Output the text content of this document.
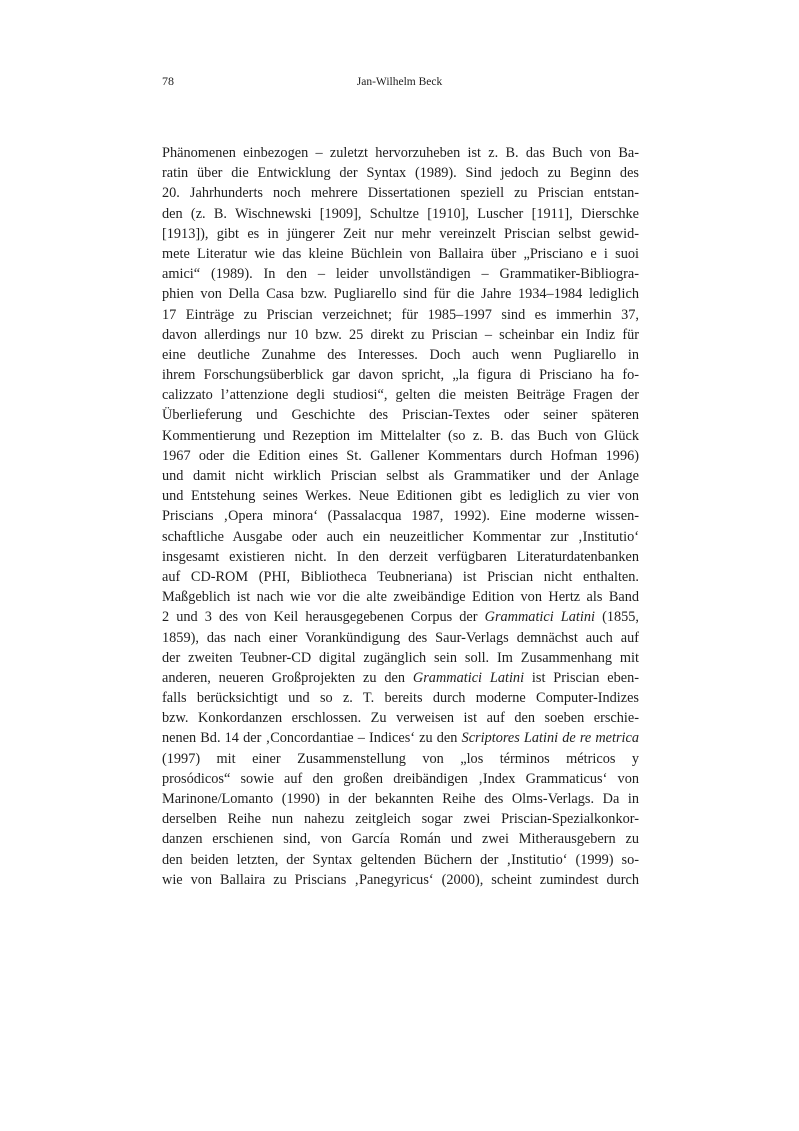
78	Jan-Wilhelm Beck
Phänomenen einbezogen – zuletzt hervorzuheben ist z. B. das Buch von Ba-
ratin über die Entwicklung der Syntax (1989). Sind jedoch zu Beginn des
20. Jahrhunderts noch mehrere Dissertationen speziell zu Priscian entstan-
den (z. B. Wischnewski [1909], Schultze [1910], Luscher [1911], Dierschke
[1913]), gibt es in jüngerer Zeit nur mehr vereinzelt Priscian selbst gewid-
mete Literatur wie das kleine Büchlein von Ballaira über „Prisciano e i suoi
amici“ (1989). In den – leider unvollständigen – Grammatiker-Bibliogra-
phien von Della Casa bzw. Pugliarello sind für die Jahre 1934–1984 lediglich
17 Einträge zu Priscian verzeichnet; für 1985–1997 sind es immerhin 37,
davon allerdings nur 10 bzw. 25 direkt zu Priscian – scheinbar ein Indiz für
eine deutliche Zunahme des Interesses. Doch auch wenn Pugliarello in
ihrem Forschungsüberblick gar davon spricht, „la figura di Prisciano ha fo-
calizzato l’attenzione degli studiosi“, gelten die meisten Beiträge Fragen der
Überlieferung und Geschichte des Priscian-Textes oder seiner späteren
Kommentierung und Rezeption im Mittelalter (so z. B. das Buch von Glück
1967 oder die Edition eines St. Gallener Kommentars durch Hofman 1996)
und damit nicht wirklich Priscian selbst als Grammatiker und der Anlage
und Entstehung seines Werkes. Neue Editionen gibt es lediglich zu vier von
Priscians ‚Opera minora‘ (Passalacqua 1987, 1992). Eine moderne wissen-
schaftliche Ausgabe oder auch ein neuzeitlicher Kommentar zur ‚Institutio‘
insgesamt existieren nicht. In den derzeit verfügbaren Literaturdatenbanken
auf CD-ROM (PHI, Bibliotheca Teubneriana) ist Priscian nicht enthalten.
Maßgeblich ist nach wie vor die alte zweibändige Edition von Hertz als Band
2 und 3 des von Keil herausgegebenen Corpus der Grammatici Latini (1855,
1859), das nach einer Vorankündigung des Saur-Verlags demnächst auch auf
der zweiten Teubner-CD digital zugänglich sein soll. Im Zusammenhang mit
anderen, neueren Großprojekten zu den Grammatici Latini ist Priscian eben-
falls berücksichtigt und so z. T. bereits durch moderne Computer-Indizes
bzw. Konkordanzen erschlossen. Zu verweisen ist auf den soeben erschie-
nenen Bd. 14 der ‚Concordantiae – Indices‘ zu den Scriptores Latini de re metrica
(1997) mit einer Zusammenstellung von „los términos métricos y
prosódicos“ sowie auf den großen dreibändigen ‚Index Grammaticus‘ von
Marinone/Lomanto (1990) in der bekannten Reihe des Olms-Verlags. Da in
derselben Reihe nun nahezu zeitgleich sogar zwei Priscian-Spezialkonkor-
danzen erschienen sind, von García Román und zwei Mitherausgebern zu
den beiden letzten, der Syntax geltenden Büchern der ‚Institutio‘ (1999) so-
wie von Ballaira zu Priscians ‚Panegyricus‘ (2000), scheint zumindest durch
